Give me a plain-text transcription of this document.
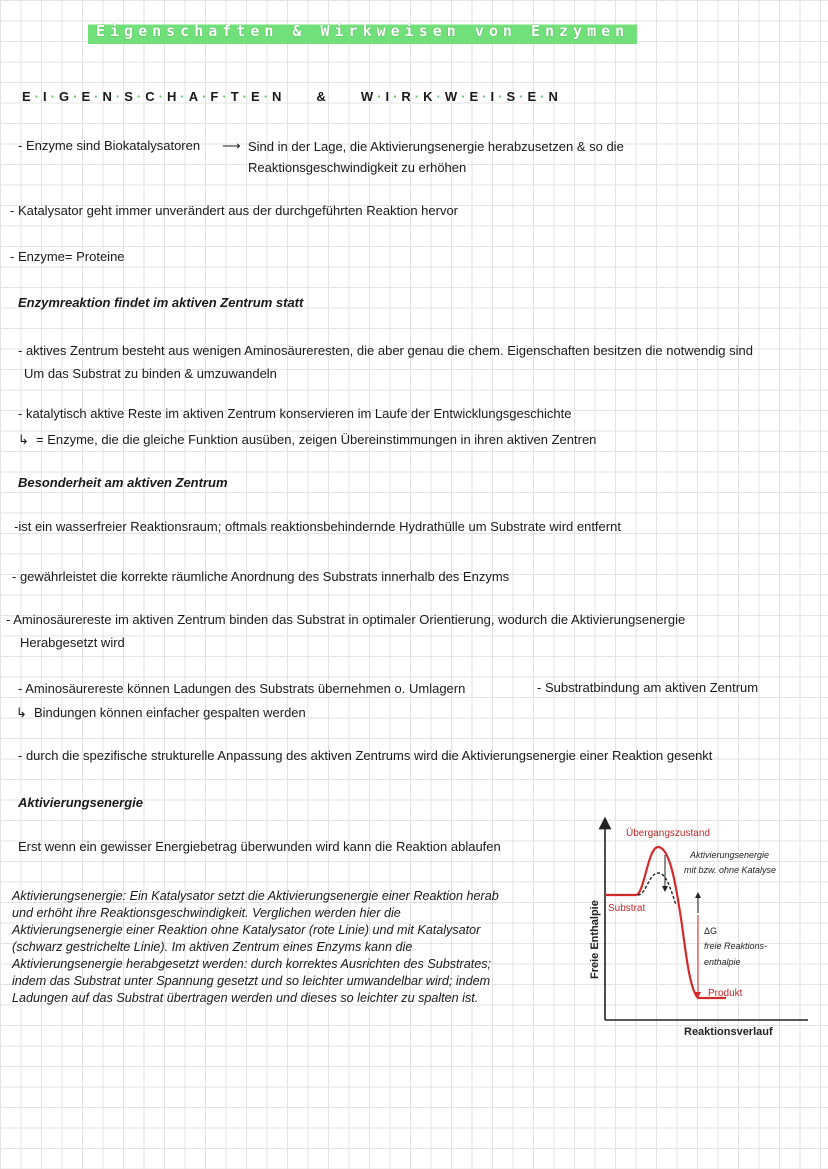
Eigenschaften & Wirkweisen von Enzymen
E · I · G · E · N · S · C · H · A · F · T · E · N	&	W · I · R · K · W · E · I · S · E · N
- Enzyme sind Biokatalysatoren ⟶ Sind in der Lage, die Aktivierungsenergie herabzusetzen & so die
Reaktionsgeschwindigkeit zu erhöhen
- Katalysator geht immer unverändert aus der durchgeführten Reaktion hervor
- Enzyme= Proteine
Enzymreaktion findet im aktiven Zentrum statt
- aktives Zentrum besteht aus wenigen Aminosäureresten, die aber genau die chem. Eigenschaften besitzen die notwendig sind
Um das Substrat zu binden & umzuwandeln
- katalytisch aktive Reste im aktiven Zentrum konservieren im Laufe der Entwicklungsgeschichte
↳ = Enzyme, die die gleiche Funktion ausüben, zeigen Übereinstimmungen in ihren aktiven Zentren
Besonderheit am aktiven Zentrum
-ist ein wasserfreier Reaktionsraum; oftmals reaktionsbehindernde Hydrathülle um Substrate wird entfernt
- gewährleistet die korrekte räumliche Anordnung des Substrats innerhalb des Enzyms
- Aminosäurereste im aktiven Zentrum binden das Substrat in optimaler Orientierung, wodurch die Aktivierungsenergie
Herabgesetzt wird
- Aminosäurereste können Ladungen des Substrats übernehmen o. Umlagern	- Substratbindung am aktiven Zentrum
↳ Bindungen können einfacher gespalten werden
- durch die spezifische strukturelle Anpassung des aktiven Zentrums wird die Aktivierungsenergie einer Reaktion gesenkt
Aktivierungsenergie
Erst wenn ein gewisser Energiebetrag überwunden wird kann die Reaktion ablaufen
Aktivierungsenergie: Ein Katalysator setzt die Aktivierungsenergie einer Reaktion herab
und erhöht ihre Reaktionsgeschwindigkeit. Verglichen werden hier die
Aktivierungsenergie einer Reaktion ohne Katalysator (rote Linie) und mit Katalysator
(schwarz gestrichelte Linie). Im aktiven Zentrum eines Enzyms kann die
Aktivierungsenergie herabgesetzt werden: durch korrektes Ausrichten des Substrates;
indem das Substrat unter Spannung gesetzt und so leichter umwandelbar wird; indem
Ladungen auf das Substrat übertragen werden und dieses so leichter zu spalten ist.
Übergangszustand
Aktivierungsenergie
mit bzw. ohne Katalyse
Substrat
ΔG
freie Reaktions-
enthalpie
Produkt
Reaktionsverlauf
Freie Enthalpie
